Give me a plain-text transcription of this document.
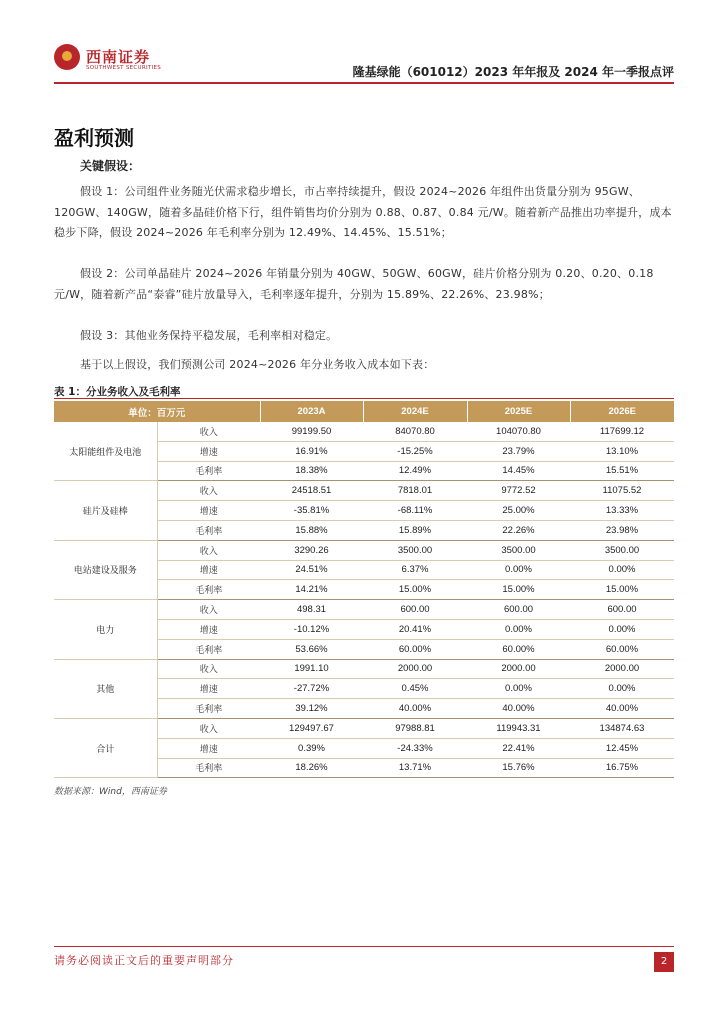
西南证券
SOUTHWEST SECURITIES	隆基绿能（601012）2023 年年报及 2024 年一季报点评
盈利预测
关键假设：
假设 1：公司组件业务随光伏需求稳步增长，市占率持续提升，假设 2024~2026 年组件出货量分别为 95GW、120GW、140GW，随着多晶硅价格下行，组件销售均价分别为 0.88、0.87、0.84 元/W。随着新产品推出功率提升，成本稳步下降，假设 2024~2026 年毛利率分别为 12.49%、14.45%、15.51%；
假设 2：公司单晶硅片 2024~2026 年销量分别为 40GW、50GW、60GW，硅片价格分别为 0.20、0.20、0.18 元/W，随着新产品“泰睿”硅片放量导入，毛利率逐年提升，分别为 15.89%、22.26%、23.98%；
假设 3：其他业务保持平稳发展，毛利率相对稳定。
基于以上假设，我们预测公司 2024~2026 年分业务收入成本如下表：
表 1：分业务收入及毛利率
单位：百万元		2023A	2024E	2025E	2026E
太阳能组件及电池	收入	99199.50	84070.80	104070.80	117699.12
	增速	16.91%	-15.25%	23.79%	13.10%
	毛利率	18.38%	12.49%	14.45%	15.51%
硅片及硅棒	收入	24518.51	7818.01	9772.52	11075.52
	增速	-35.81%	-68.11%	25.00%	13.33%
	毛利率	15.88%	15.89%	22.26%	23.98%
电站建设及服务	收入	3290.26	3500.00	3500.00	3500.00
	增速	24.51%	6.37%	0.00%	0.00%
	毛利率	14.21%	15.00%	15.00%	15.00%
电力	收入	498.31	600.00	600.00	600.00
	增速	-10.12%	20.41%	0.00%	0.00%
	毛利率	53.66%	60.00%	60.00%	60.00%
其他	收入	1991.10	2000.00	2000.00	2000.00
	增速	-27.72%	0.45%	0.00%	0.00%
	毛利率	39.12%	40.00%	40.00%	40.00%
合计	收入	129497.67	97988.81	119943.31	134874.63
	增速	0.39%	-24.33%	22.41%	12.45%
	毛利率	18.26%	13.71%	15.76%	16.75%
数据来源：Wind，西南证券
请务必阅读正文后的重要声明部分	2
